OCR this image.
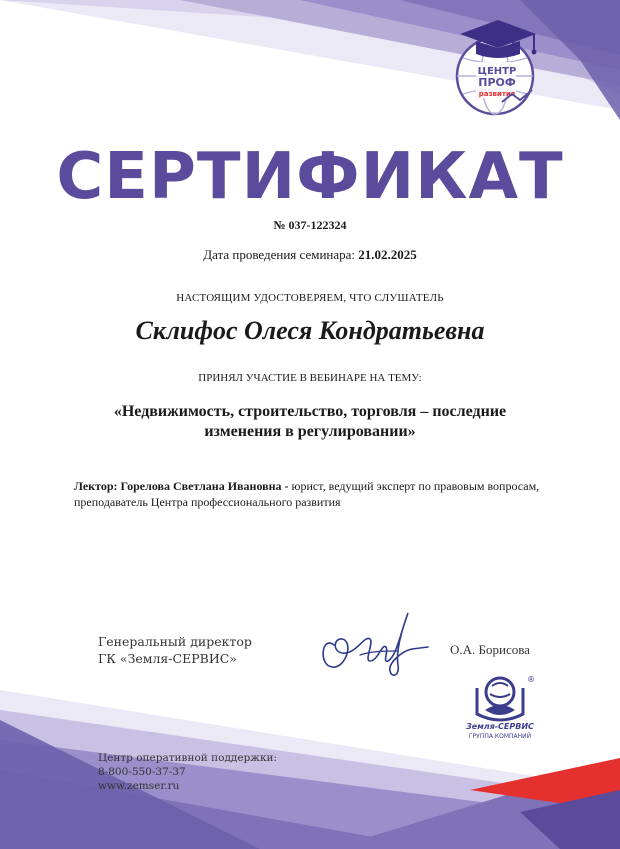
ЦЕНТР
ПРОФ
развития
СЕРТИФИКАТ
№ 037-122324
Дата проведения семинара: 21.02.2025
НАСТОЯЩИМ УДОСТОВЕРЯЕМ, ЧТО СЛУШАТЕЛЬ
Склифос Олеся Кондратьевна
ПРИНЯЛ УЧАСТИЕ В ВЕБИНАРЕ НА ТЕМУ:
«Недвижимость, строительство, торговля – последние изменения в регулировании»
Лектор: Горелова Светлана Ивановна - юрист, ведущий эксперт по правовым вопросам, преподаватель Центра профессионального развития
Генеральный директор
ГК «Земля-СЕРВИС»
О.А. Борисова
®
Земля-СЕРВИС
ГРУППА КОМПАНИЙ
Центр оперативной поддержки:
8-800-550-37-37
www.zemser.ru
